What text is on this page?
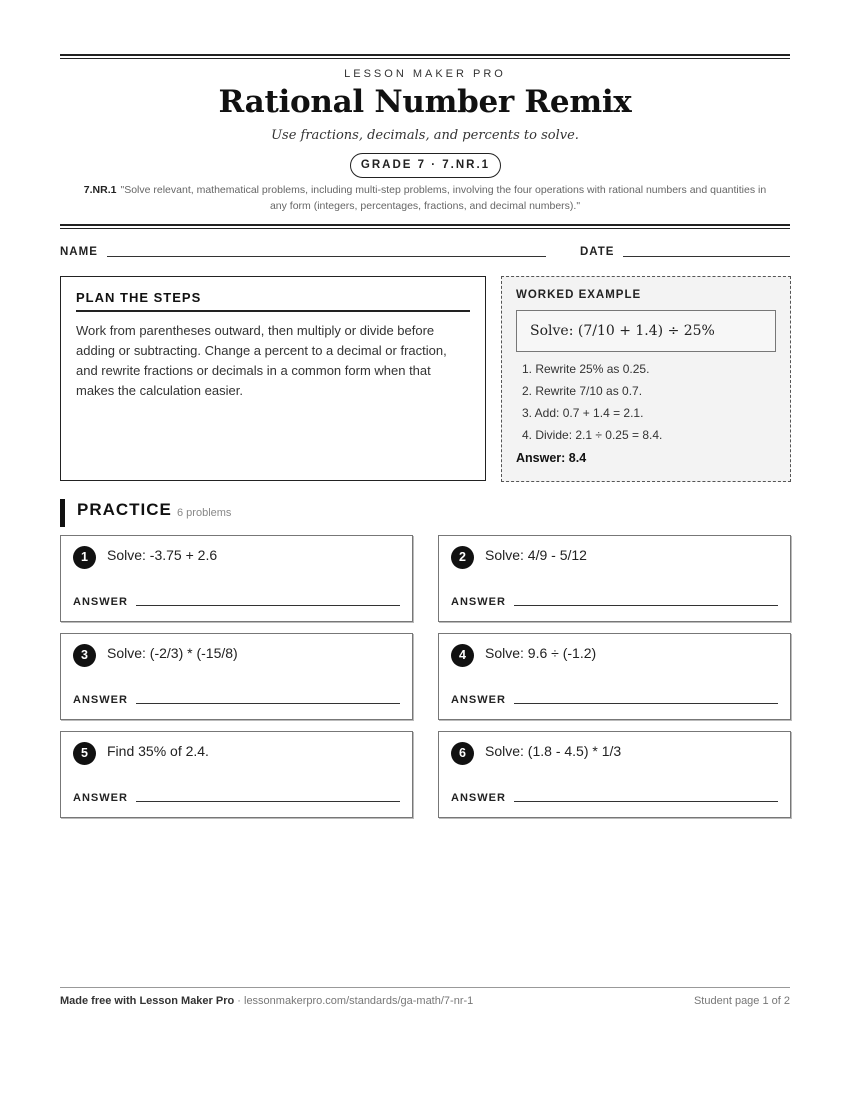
LESSON MAKER PRO
Rational Number Remix
Use fractions, decimals, and percents to solve.
GRADE 7 · 7.NR.1
7.NR.1 "Solve relevant, mathematical problems, including multi-step problems, involving the four operations with rational numbers and quantities in any form (integers, percentages, fractions, and decimal numbers)."
NAME	DATE
PLAN THE STEPS
Work from parentheses outward, then multiply or divide before adding or subtracting. Change a percent to a decimal or fraction, and rewrite fractions or decimals in a common form when that makes the calculation easier.
WORKED EXAMPLE
Solve: (7/10 + 1.4) ÷ 25%
1. Rewrite 25% as 0.25.
2. Rewrite 7/10 as 0.7.
3. Add: 0.7 + 1.4 = 2.1.
4. Divide: 2.1 ÷ 0.25 = 8.4.
Answer: 8.4
PRACTICE 6 problems
1	Solve: -3.75 + 2.6
ANSWER
2	Solve: 4/9 - 5/12
ANSWER
3	Solve: (-2/3) * (-15/8)
ANSWER
4	Solve: 9.6 ÷ (-1.2)
ANSWER
5	Find 35% of 2.4.
ANSWER
6	Solve: (1.8 - 4.5) * 1/3
ANSWER
Made free with Lesson Maker Pro · lessonmakerpro.com/standards/ga-math/7-nr-1	Student page 1 of 2
